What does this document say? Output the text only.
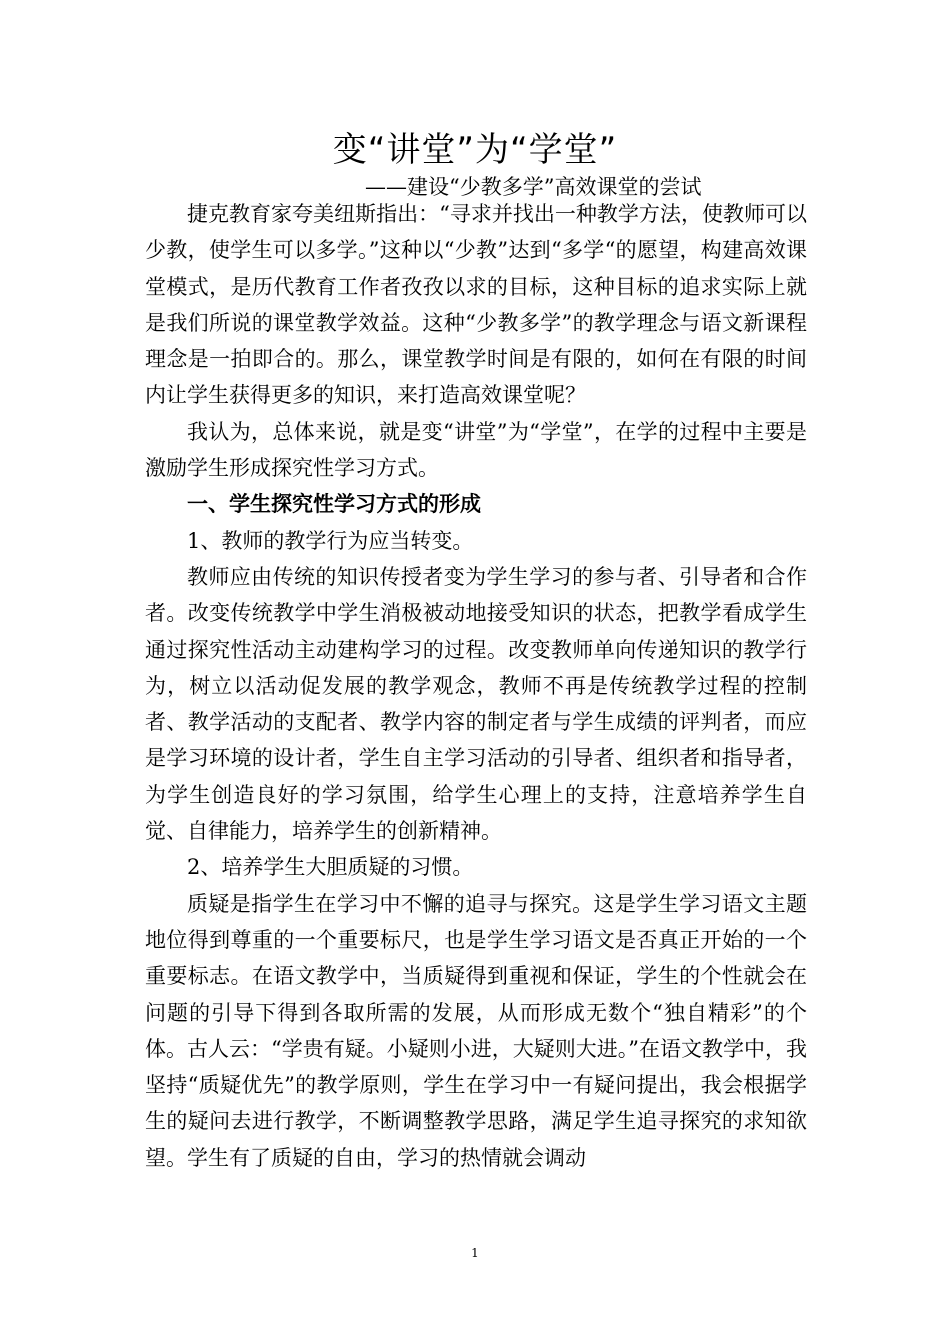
变“讲堂”为“学堂”
——建设“少教多学”高效课堂的尝试

捷克教育家夸美纽斯指出：“寻求并找出一种教学方法，使教师可以少教，使学生可以多学。”这种以“少教”达到“多学“的愿望，构建高效课堂模式，是历代教育工作者孜孜以求的目标，这种目标的追求实际上就是我们所说的课堂教学效益。这种“少教多学”的教学理念与语文新课程理念是一拍即合的。那么，课堂教学时间是有限的，如何在有限的时间内让学生获得更多的知识，来打造高效课堂呢？

我认为，总体来说，就是变“讲堂”为“学堂”，在学的过程中主要是激励学生形成探究性学习方式。

一、学生探究性学习方式的形成

1、教师的教学行为应当转变。

教师应由传统的知识传授者变为学生学习的参与者、引导者和合作者。改变传统教学中学生消极被动地接受知识的状态，把教学看成学生通过探究性活动主动建构学习的过程。改变教师单向传递知识的教学行为，树立以活动促发展的教学观念，教师不再是传统教学过程的控制者、教学活动的支配者、教学内容的制定者与学生成绩的评判者，而应是学习环境的设计者，学生自主学习活动的引导者、组织者和指导者，为学生创造良好的学习氛围，给学生心理上的支持，注意培养学生自觉、自律能力，培养学生的创新精神。

2、培养学生大胆质疑的习惯。

质疑是指学生在学习中不懈的追寻与探究。这是学生学习语文主题地位得到尊重的一个重要标尺，也是学生学习语文是否真正开始的一个重要标志。在语文教学中，当质疑得到重视和保证，学生的个性就会在问题的引导下得到各取所需的发展，从而形成无数个“独自精彩”的个体。古人云：“学贵有疑。小疑则小进，大疑则大进。”在语文教学中，我坚持“质疑优先”的教学原则，学生在学习中一有疑问提出，我会根据学生的疑问去进行教学，不断调整教学思路，满足学生追寻探究的求知欲望。学生有了质疑的自由，学习的热情就会调动

1
